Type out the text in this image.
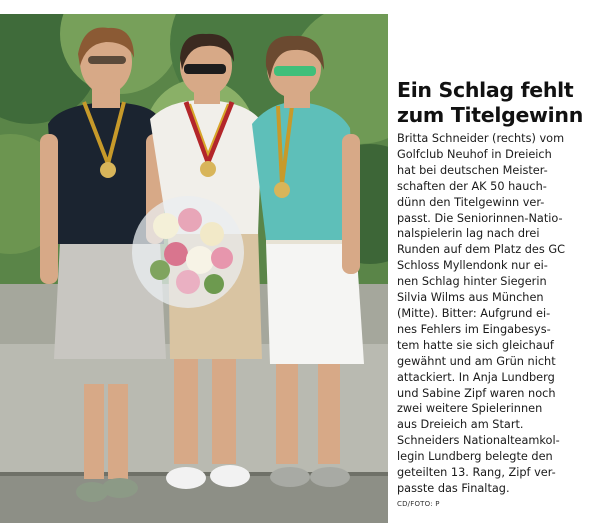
Ein Schlag fehlt
zum Titelgewinn

Britta Schneider (rechts) vom
Golfclub Neuhof in Dreieich
hat bei deutschen Meister-
schaften der AK 50 hauch-
dünn den Titelgewinn ver-
passt. Die Seniorinnen-Natio-
nalspielerin lag nach drei
Runden auf dem Platz des GC
Schloss Myllendonk nur ei-
nen Schlag hinter Siegerin
Silvia Wilms aus München
(Mitte). Bitter: Aufgrund ei-
nes Fehlers im Eingabesys-
tem hatte sie sich gleichauf
gewähnt und am Grün nicht
attackiert. In Anja Lundberg
und Sabine Zipf waren noch
zwei weitere Spielerinnen
aus Dreieich am Start.
Schneiders Nationalteamkol-
legin Lundberg belegte den
geteilten 13. Rang, Zipf ver-
passte das Finaltag.
CD/FOTO: P
